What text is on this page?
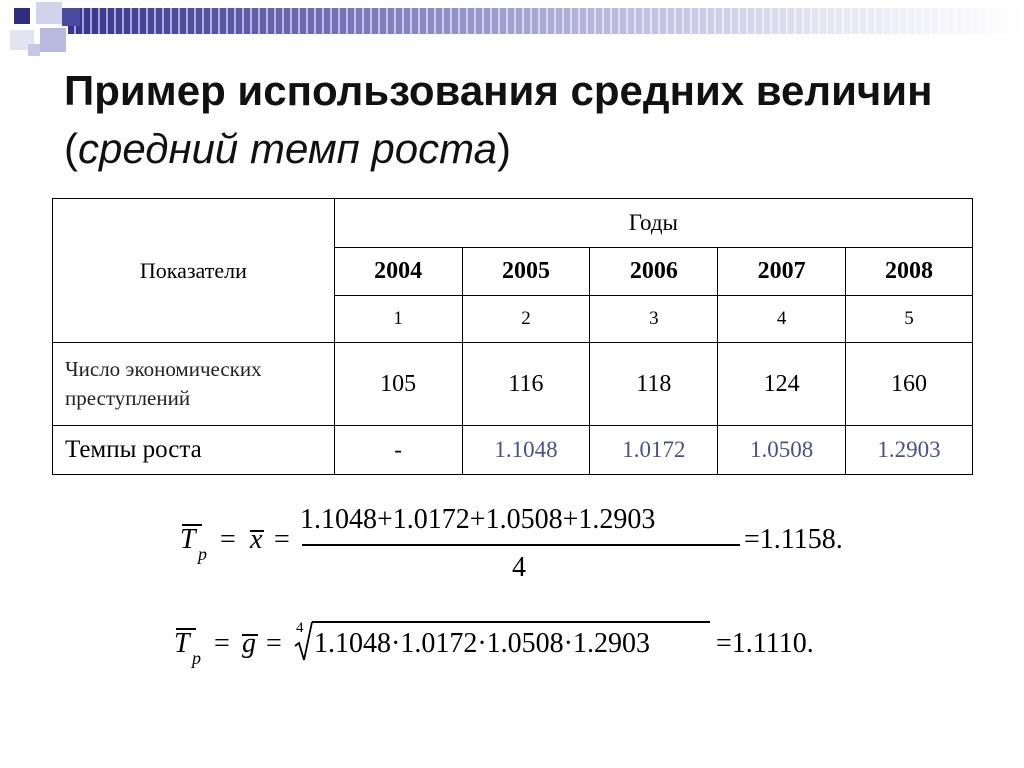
Пример использования средних величин (средний темп роста)
Показатели	Годы				
	2004	2005	2006	2007	2008
	1	2	3	4	5
Число экономических преступлений	105	116	118	124	160
Темпы роста	-	1.1048	1.0172	1.0508	1.2903
T p = x =
1.1048+1.0172+1.0508+1.2903
4
=1.1158.
T p = g = 4 1.1048·1.0172·1.0508·1.2903 =1.1110.
